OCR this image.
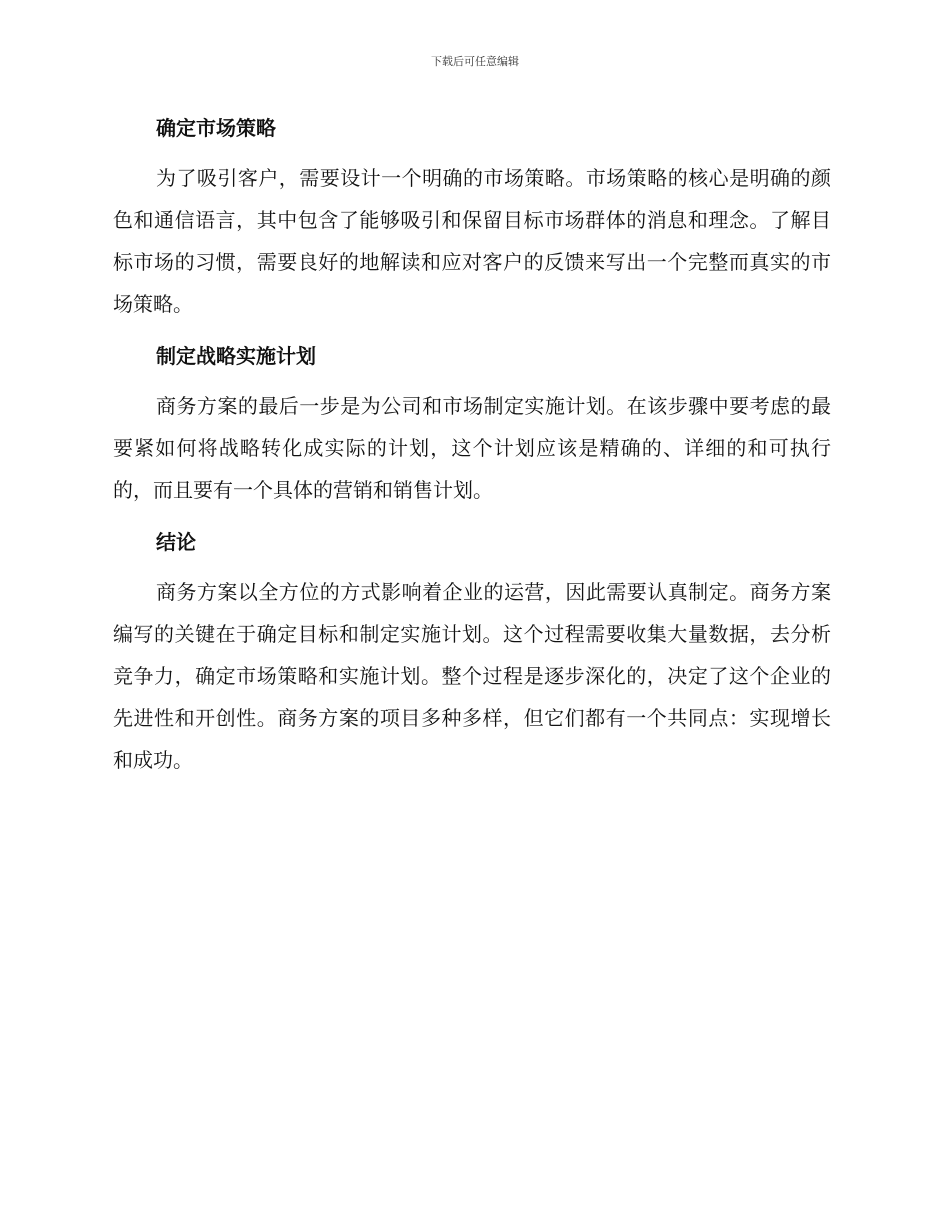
下载后可任意编辑
确定市场策略

为了吸引客户，需要设计一个明确的市场策略。市场策略的核心是明确的颜色和通信语言，其中包含了能够吸引和保留目标市场群体的消息和理念。了解目标市场的习惯，需要良好的地解读和应对客户的反馈来写出一个完整而真实的市场策略。

制定战略实施计划

商务方案的最后一步是为公司和市场制定实施计划。在该步骤中要考虑的最要紧如何将战略转化成实际的计划，这个计划应该是精确的、详细的和可执行的，而且要有一个具体的营销和销售计划。

结论

商务方案以全方位的方式影响着企业的运营，因此需要认真制定。商务方案编写的关键在于确定目标和制定实施计划。这个过程需要收集大量数据，去分析竞争力，确定市场策略和实施计划。整个过程是逐步深化的，决定了这个企业的先进性和开创性。商务方案的项目多种多样，但它们都有一个共同点：实现增长和成功。
